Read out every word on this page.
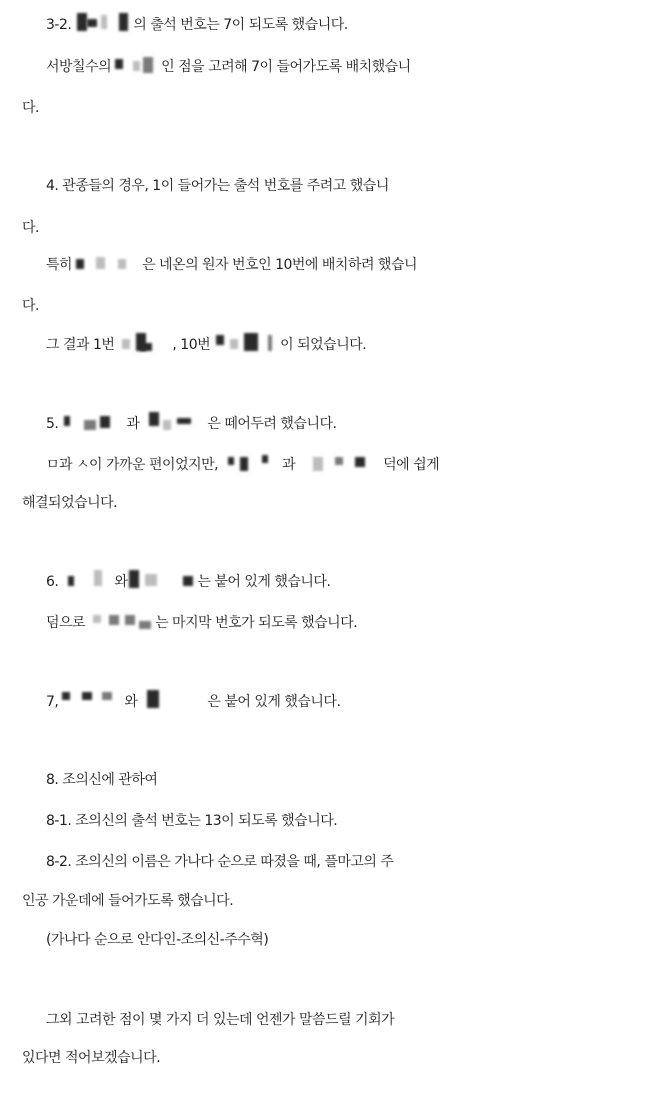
3-2.	의 출석 번호는 7이 되도록 했습니다.
서방칠수의	인 점을 고려해 7이 들어가도록 배치했습니
다.
4. 관종들의 경우, 1이 들어가는 출석 번호를 주려고 했습니
다.
특히	은 네온의 원자 번호인 10번에 배치하려 했습니
다.
그 결과 1번	, 10번	이 되었습니다.
5.	과	은 떼어두려 했습니다.
ㅁ과 ㅅ이 가까운 편이었지만,	과	덕에 쉽게
해결되었습니다.
6.	와	는 붙어 있게 했습니다.
덤으로	는 마지막 번호가 되도록 했습니다.
7,	와	은 붙어 있게 했습니다.
8. 조의신에 관하여
8-1. 조의신의 출석 번호는 13이 되도록 했습니다.
8-2. 조의신의 이름은 가나다 순으로 따졌을 때, 플마고의 주
인공 가운데에 들어가도록 했습니다.
(가나다 순으로 안다인-조의신-주수혁)
그외 고려한 점이 몇 가지 더 있는데 언젠가 말씀드릴 기회가
있다면 적어보겠습니다.
